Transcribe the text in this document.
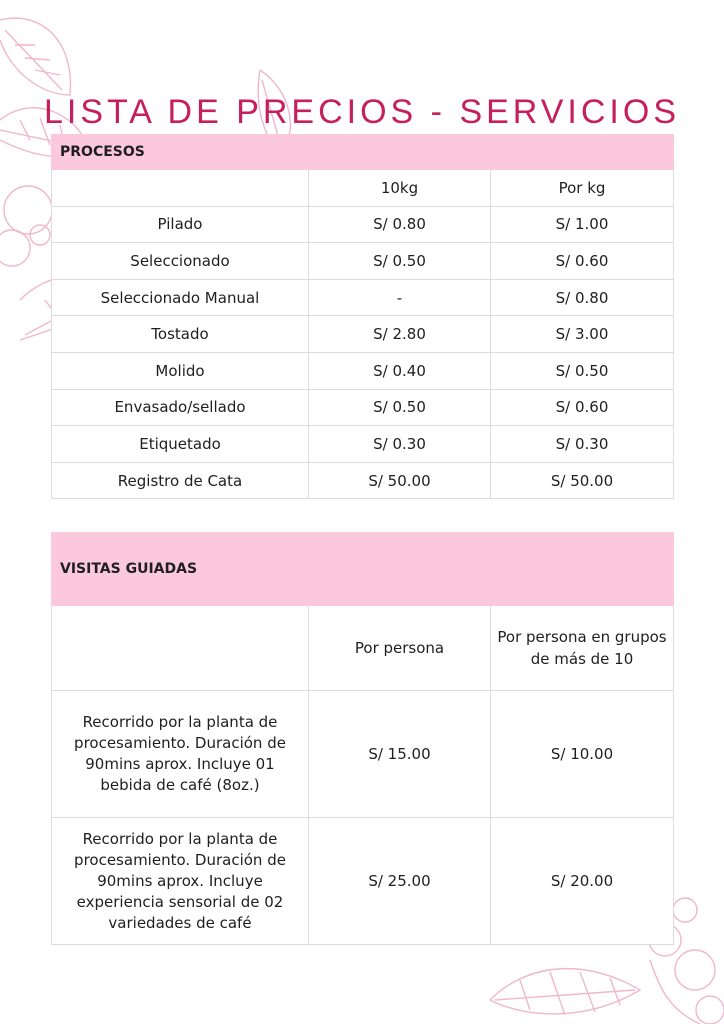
LISTA DE PRECIOS - SERVICIOS
PROCESOS		
	10kg	Por kg
Pilado	S/ 0.80	S/ 1.00
Seleccionado	S/ 0.50	S/ 0.60
Seleccionado Manual	-	S/ 0.80
Tostado	S/ 2.80	S/ 3.00
Molido	S/ 0.40	S/ 0.50
Envasado/sellado	S/ 0.50	S/ 0.60
Etiquetado	S/ 0.30	S/ 0.30
Registro de Cata	S/ 50.00	S/ 50.00
VISITAS GUIADAS		
	Por persona	Por persona en grupos de más de 10
Recorrido por la planta de procesamiento. Duración de 90mins aprox. Incluye 01 bebida de café (8oz.)	S/ 15.00	S/ 10.00
Recorrido por la planta de procesamiento. Duración de 90mins aprox. Incluye experiencia sensorial de 02 variedades de café	S/ 25.00	S/ 20.00
